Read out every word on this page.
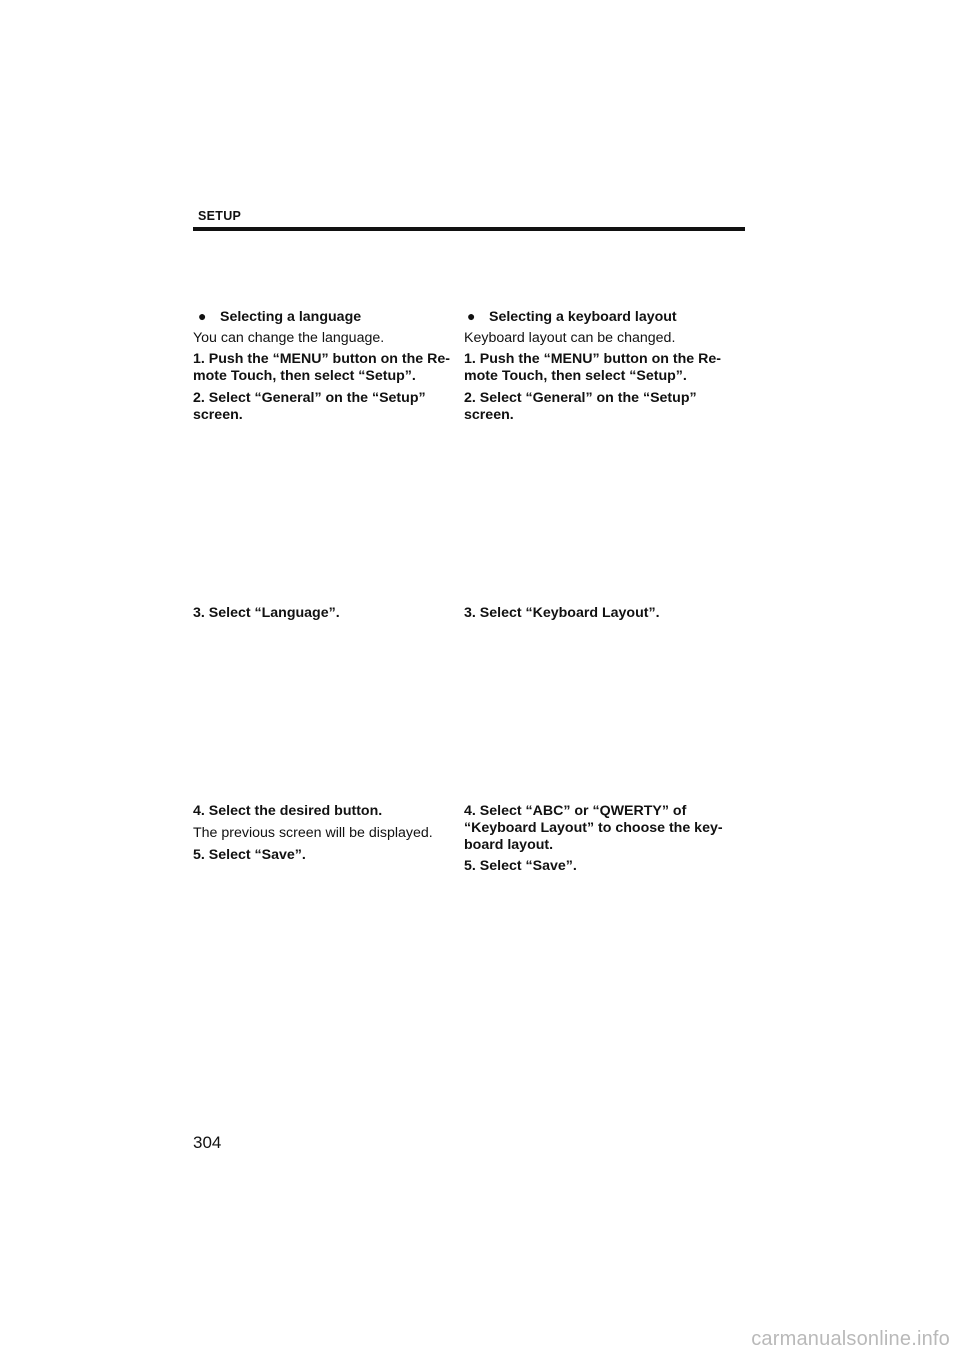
SETUP
● Selecting a language
You can change the language.
1. Push the “MENU” button on the Re-
mote Touch, then select “Setup”.
2. Select “General” on the “Setup”
screen.
3. Select “Language”.
4. Select the desired button.
The previous screen will be displayed.
5. Select “Save”.
● Selecting a keyboard layout
Keyboard layout can be changed.
1. Push the “MENU” button on the Re-
mote Touch, then select “Setup”.
2. Select “General” on the “Setup”
screen.
3. Select “Keyboard Layout”.
4. Select “ABC” or “QWERTY” of
“Keyboard Layout” to choose the key-
board layout.
5. Select “Save”.
304
carmanualsonline.info
